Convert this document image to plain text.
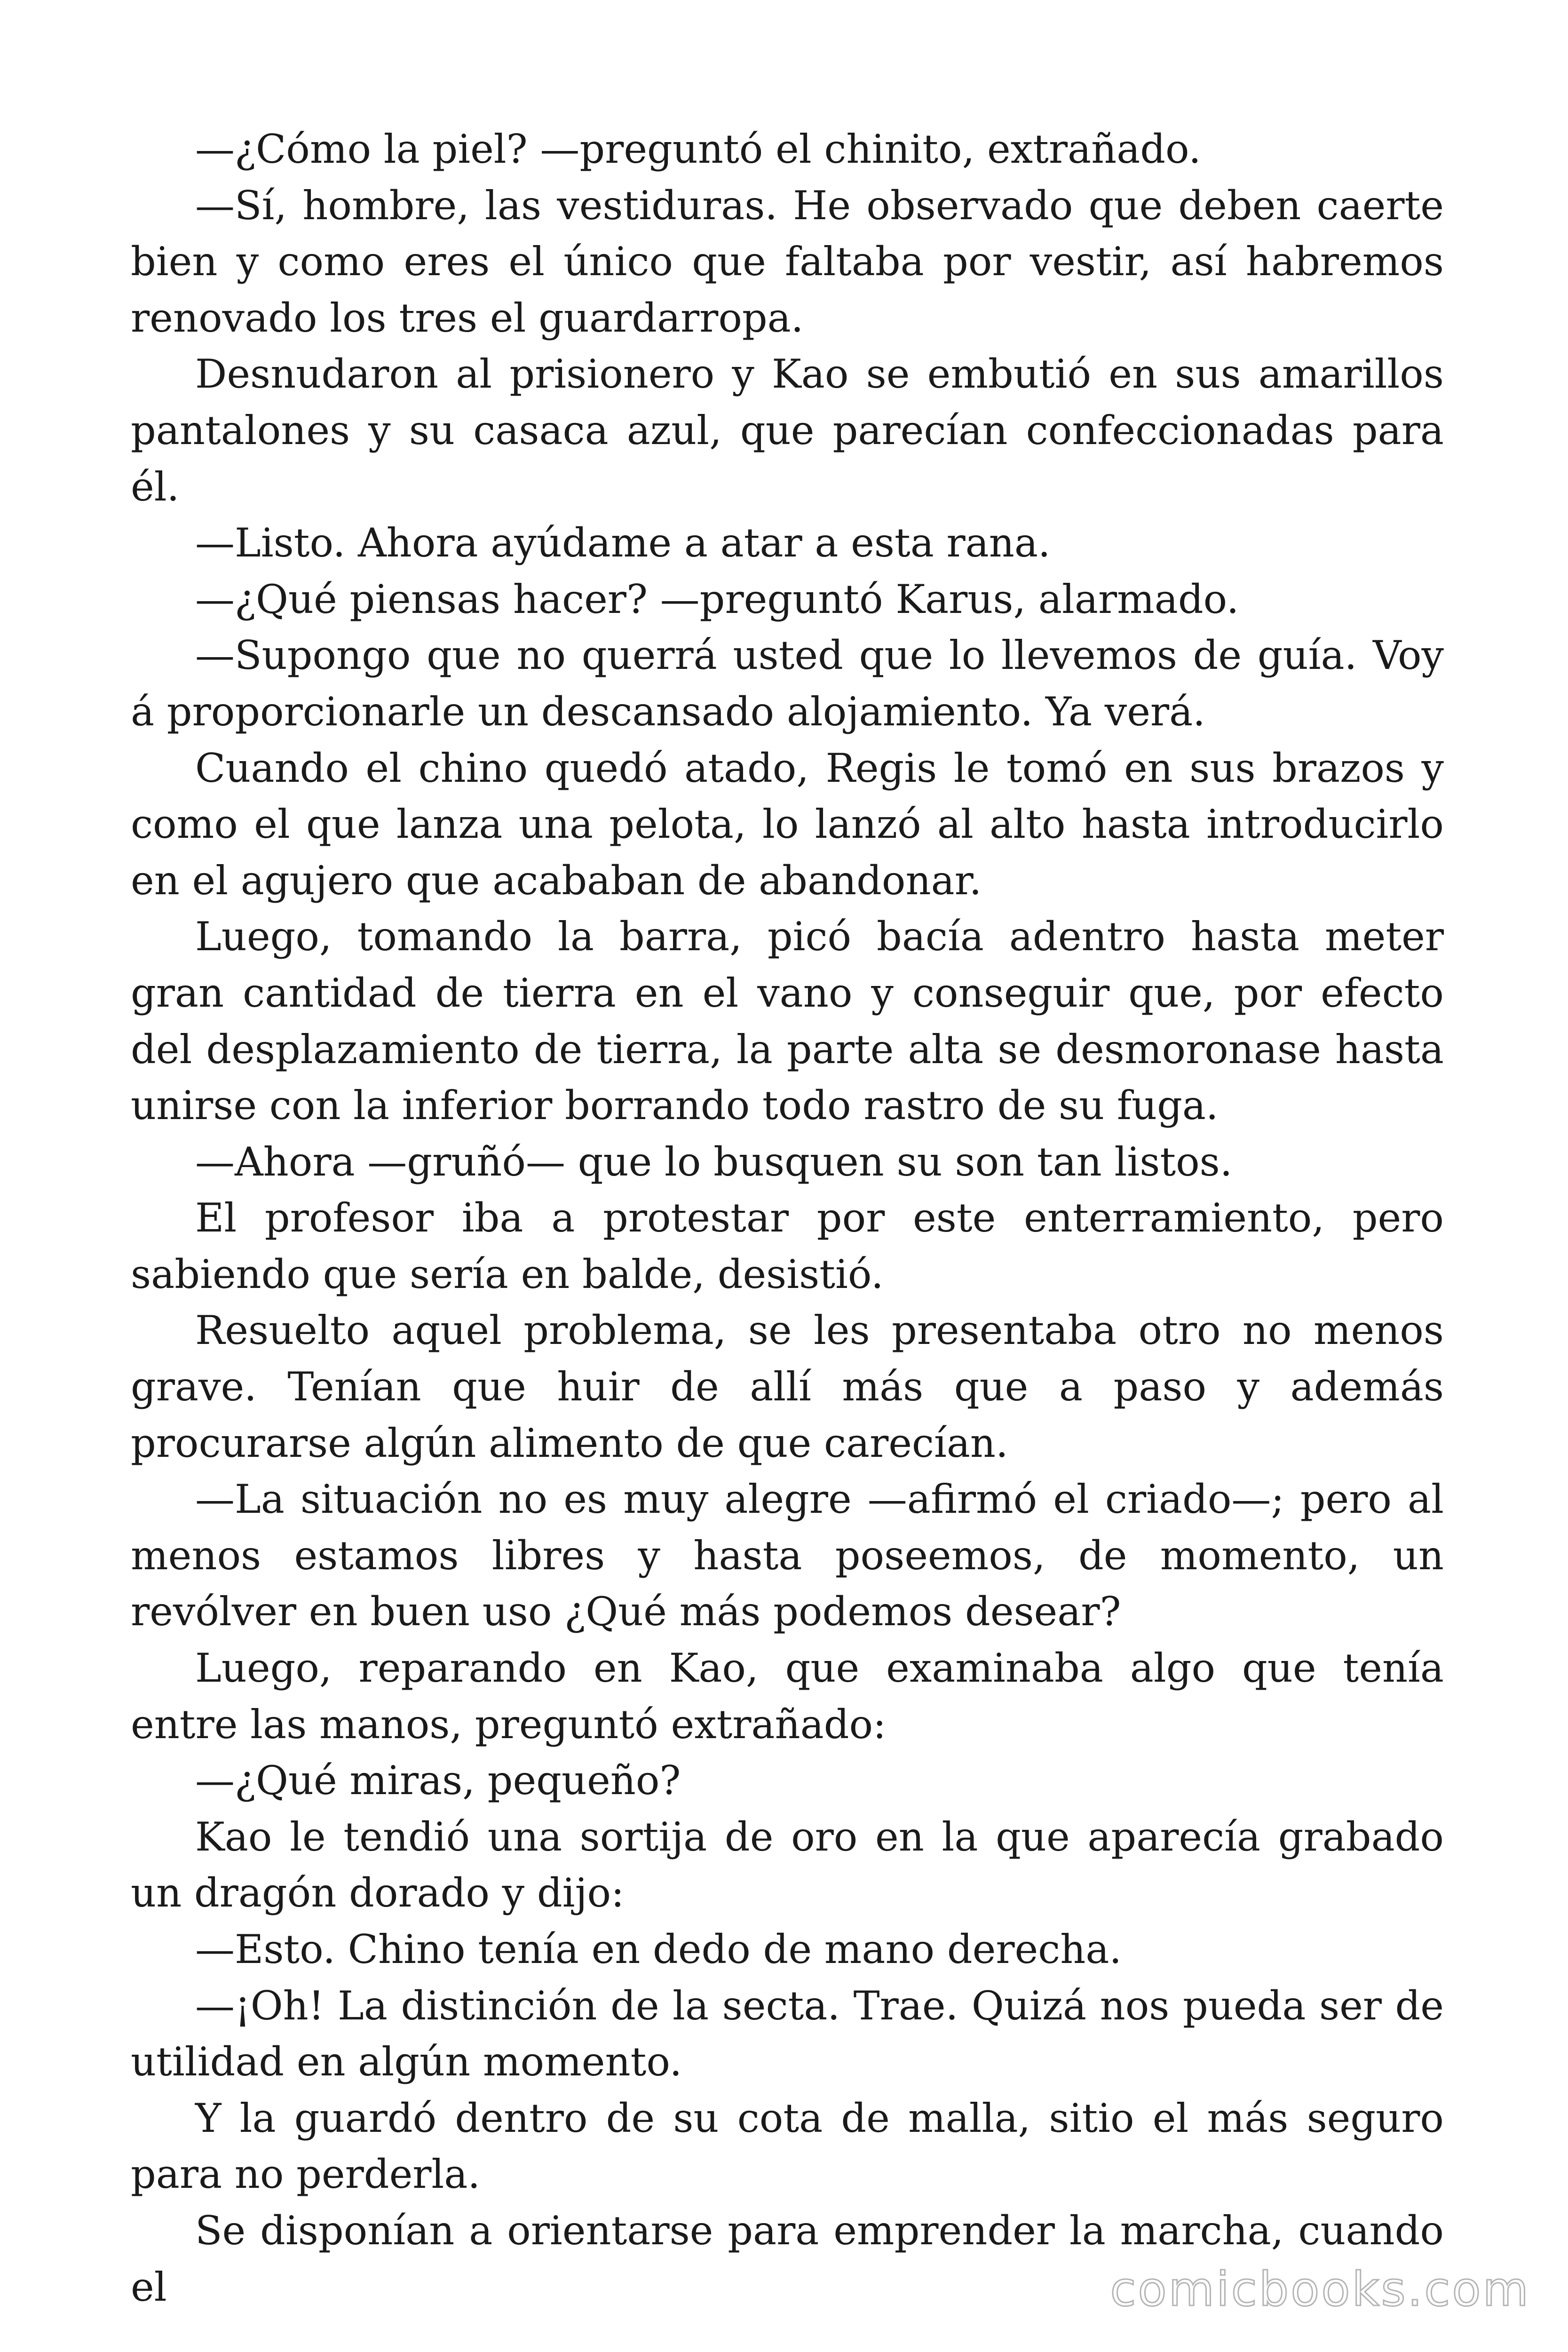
—¿Cómo la piel? —preguntó el chinito, extrañado.

—Sí, hombre, las vestiduras. He observado que deben caerte bien y como eres el único que faltaba por vestir, así habremos renovado los tres el guardarropa.

Desnudaron al prisionero y Kao se embutió en sus amarillos pantalones y su casaca azul, que parecían confeccionadas para él.

—Listo. Ahora ayúdame a atar a esta rana.

—¿Qué piensas hacer? —preguntó Karus, alarmado.

—Supongo que no querrá usted que lo llevemos de guía. Voy á proporcionarle un descansado alojamiento. Ya verá.

Cuando el chino quedó atado, Regis le tomó en sus brazos y como el que lanza una pelota, lo lanzó al alto hasta introducirlo en el agujero que acababan de abandonar.

Luego, tomando la barra, picó bacía adentro hasta meter gran cantidad de tierra en el vano y conseguir que, por efecto del desplazamiento de tierra, la parte alta se desmoronase hasta unirse con la inferior borrando todo rastro de su fuga.

—Ahora —gruñó— que lo busquen su son tan listos.

El profesor iba a protestar por este enterramiento, pero sabiendo que sería en balde, desistió.

Resuelto aquel problema, se les presentaba otro no menos grave. Tenían que huir de allí más que a paso y además procurarse algún alimento de que carecían.

—La situación no es muy alegre —afirmó el criado—; pero al menos estamos libres y hasta poseemos, de momento, un revólver en buen uso ¿Qué más podemos desear?

Luego, reparando en Kao, que examinaba algo que tenía entre las manos, preguntó extrañado:

—¿Qué miras, pequeño?

Kao le tendió una sortija de oro en la que aparecía grabado un dragón dorado y dijo:

—Esto. Chino tenía en dedo de mano derecha.

—¡Oh! La distinción de la secta. Trae. Quizá nos pueda ser de utilidad en algún momento.

Y la guardó dentro de su cota de malla, sitio el más seguro para no perderla.

Se disponían a orientarse para emprender la marcha, cuando el	comicbooks.com
